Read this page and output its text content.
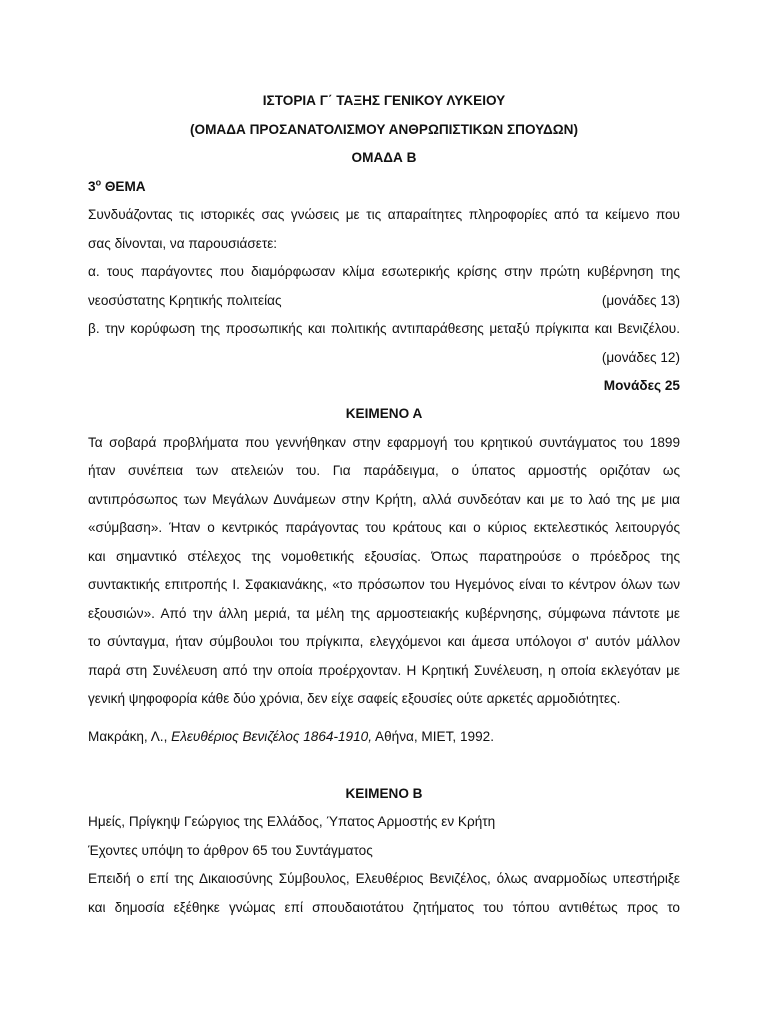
ΙΣΤΟΡΙΑ Γ΄ ΤΑΞΗΣ ΓΕΝΙΚΟΥ ΛΥΚΕΙΟΥ
(ΟΜΑΔΑ ΠΡΟΣΑΝΑΤΟΛΙΣΜΟΥ ΑΝΘΡΩΠΙΣΤΙΚΩΝ ΣΠΟΥΔΩΝ)
ΟΜΑΔΑ Β
$3^o$ ΘΕΜΑ
Συνδυάζοντας τις ιστορικές σας γνώσεις με τις απαραίτητες πληροφορίες από τα κείμενο που
σας δίνονται, να παρουσιάσετε:
α. τους παράγοντες που διαμόρφωσαν κλίμα εσωτερικής κρίσης στην πρώτη κυβέρνηση της
νεοσύστατης Κρητικής πολιτείας	(μονάδες 13)
β. την κορύφωση της προσωπικής και πολιτικής αντιπαράθεσης μεταξύ πρίγκιπα και Βενιζέλου.
(μονάδες 12)
Μονάδες 25
ΚΕΙΜΕΝΟ Α
Τα σοβαρά προβλήματα που γεννήθηκαν στην εφαρμογή του κρητικού συντάγματος του 1899
ήταν συνέπεια των ατελειών του. Για παράδειγμα, ο ύπατος αρμοστής οριζόταν ως
αντιπρόσωπος των Μεγάλων Δυνάμεων στην Κρήτη, αλλά συνδεόταν και με το λαό της με μια
«σύμβαση». Ήταν ο κεντρικός παράγοντας του κράτους και ο κύριος εκτελεστικός λειτουργός
και σημαντικό στέλεχος της νομοθετικής εξουσίας. Όπως παρατηρούσε ο πρόεδρος της
συντακτικής επιτροπής Ι. Σφακιανάκης, «το πρόσωπον του Ηγεμόνος είναι το κέντρον όλων των
εξουσιών». Από την άλλη μεριά, τα μέλη της αρμοστειακής κυβέρνησης, σύμφωνα πάντοτε με
το σύνταγμα, ήταν σύμβουλοι του πρίγκιπα, ελεγχόμενοι και άμεσα υπόλογοι σ' αυτόν μάλλον
παρά στη Συνέλευση από την οποία προέρχονταν. Η Κρητική Συνέλευση, η οποία εκλεγόταν με
γενική ψηφοφορία κάθε δύο χρόνια, δεν είχε σαφείς εξουσίες ούτε αρκετές αρμοδιότητες.
Μακράκη, Λ., Ελευθέριος Βενιζέλος 1864-1910, Αθήνα, ΜΙΕΤ, 1992.
ΚΕΙΜΕΝΟ Β
Ημείς, Πρίγκηψ Γεώργιος της Ελλάδος, Ύπατος Αρμοστής εν Κρήτη
Έχοντες υπόψη το άρθρον 65 του Συντάγματος
Επειδή ο επί της Δικαιοσύνης Σύμβουλος, Ελευθέριος Βενιζέλος, όλως αναρμοδίως υπεστήριξε
και δημοσία εξέθηκε γνώμας επί σπουδαιοτάτου ζητήματος του τόπου αντιθέτως προς το
